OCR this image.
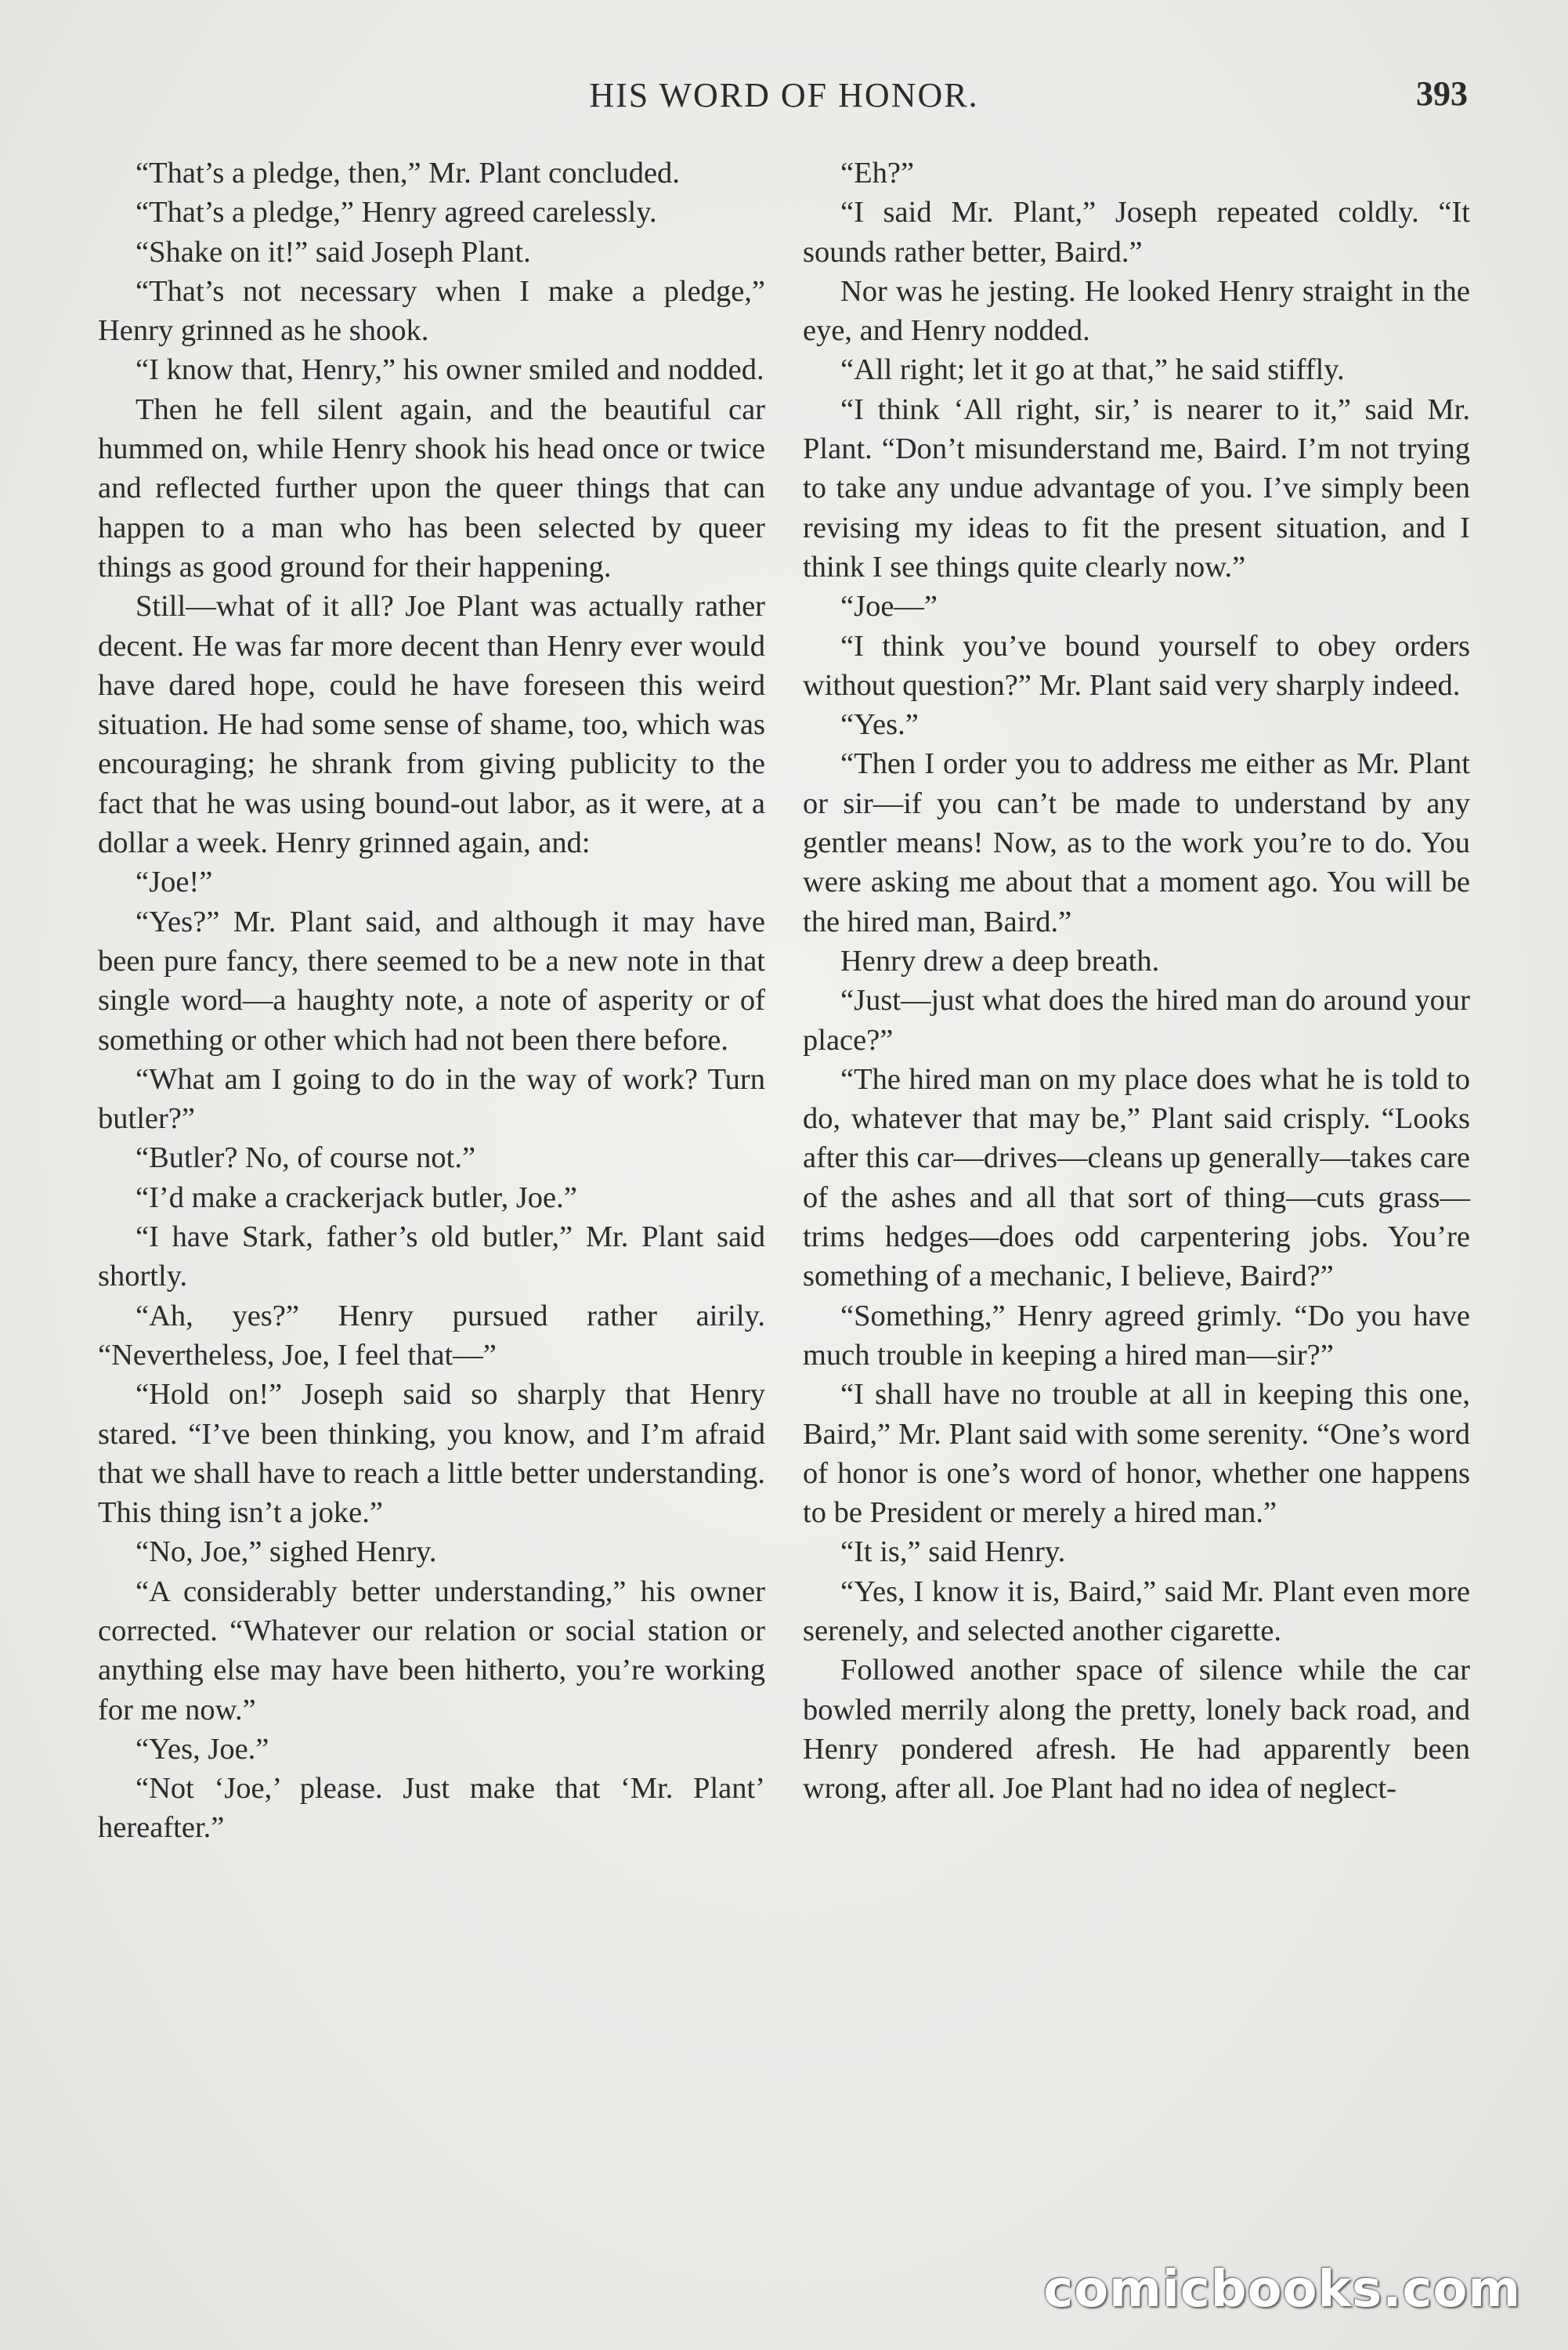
HIS WORD OF HONOR.	393

“That’s a pledge, then,” Mr. Plant concluded.

“That’s a pledge,” Henry agreed carelessly.

“Shake on it!” said Joseph Plant.

“That’s not necessary when I make a pledge,” Henry grinned as he shook.

“I know that, Henry,” his owner smiled and nodded.

Then he fell silent again, and the beautiful car hummed on, while Henry shook his head once or twice and reflected further upon the queer things that can happen to a man who has been selected by queer things as good ground for their happening.

Still—what of it all? Joe Plant was actually rather decent. He was far more decent than Henry ever would have dared hope, could he have foreseen this weird situation. He had some sense of shame, too, which was encouraging; he shrank from giving publicity to the fact that he was using bound-out labor, as it were, at a dollar a week. Henry grinned again, and:

“Joe!”

“Yes?” Mr. Plant said, and although it may have been pure fancy, there seemed to be a new note in that single word—a haughty note, a note of asperity or of something or other which had not been there before.

“What am I going to do in the way of work? Turn butler?”

“Butler? No, of course not.”

“I’d make a crackerjack butler, Joe.”

“I have Stark, father’s old butler,” Mr. Plant said shortly.

“Ah, yes?” Henry pursued rather airily. “Nevertheless, Joe, I feel that—”

“Hold on!” Joseph said so sharply that Henry stared. “I’ve been thinking, you know, and I’m afraid that we shall have to reach a little better understanding. This thing isn’t a joke.”

“No, Joe,” sighed Henry.

“A considerably better understanding,” his owner corrected. “Whatever our relation or social station or anything else may have been hitherto, you’re working for me now.”

“Yes, Joe.”

“Not ‘Joe,’ please. Just make that ‘Mr. Plant’ hereafter.”

“Eh?”

“I said Mr. Plant,” Joseph repeated coldly. “It sounds rather better, Baird.”

Nor was he jesting. He looked Henry straight in the eye, and Henry nodded.

“All right; let it go at that,” he said stiffly.

“I think ‘All right, sir,’ is nearer to it,” said Mr. Plant. “Don’t misunderstand me, Baird. I’m not trying to take any undue advantage of you. I’ve simply been revising my ideas to fit the present situation, and I think I see things quite clearly now.”

“Joe—”

“I think you’ve bound yourself to obey orders without question?” Mr. Plant said very sharply indeed.

“Yes.”

“Then I order you to address me either as Mr. Plant or sir—if you can’t be made to understand by any gentler means! Now, as to the work you’re to do. You were asking me about that a moment ago. You will be the hired man, Baird.”

Henry drew a deep breath.

“Just—just what does the hired man do around your place?”

“The hired man on my place does what he is told to do, whatever that may be,” Plant said crisply. “Looks after this car—drives—cleans up generally—takes care of the ashes and all that sort of thing—cuts grass—trims hedges—does odd carpentering jobs. You’re something of a mechanic, I believe, Baird?”

“Something,” Henry agreed grimly. “Do you have much trouble in keeping a hired man—sir?”

“I shall have no trouble at all in keeping this one, Baird,” Mr. Plant said with some serenity. “One’s word of honor is one’s word of honor, whether one happens to be President or merely a hired man.”

“It is,” said Henry.

“Yes, I know it is, Baird,” said Mr. Plant even more serenely, and selected another cigarette.

Followed another space of silence while the car bowled merrily along the pretty, lonely back road, and Henry pondered afresh. He had apparently been wrong, after all. Joe Plant had no idea of neglect-

comicbooks.com
